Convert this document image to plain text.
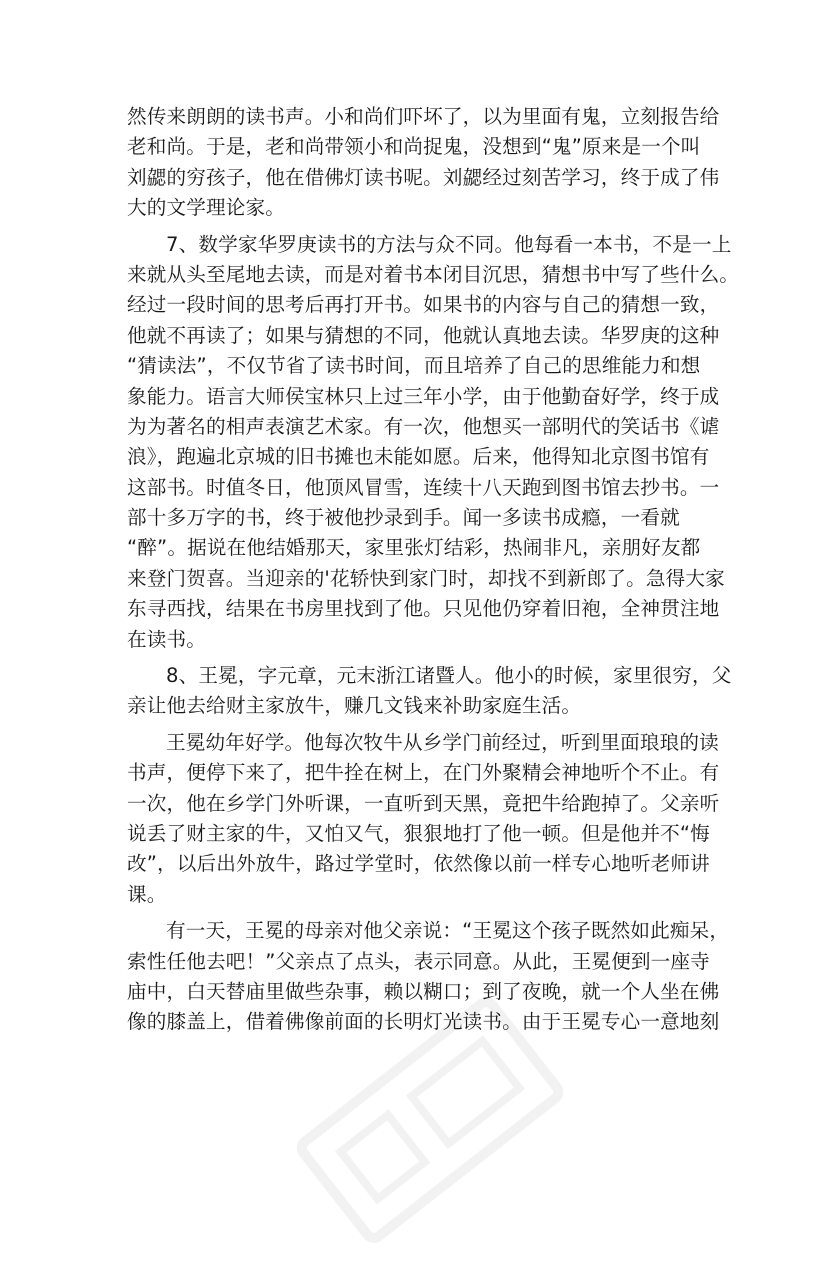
然传来朗朗的读书声。小和尚们吓坏了，以为里面有鬼，立刻报告给
老和尚。于是，老和尚带领小和尚捉鬼，没想到“鬼”原来是一个叫
刘勰的穷孩子，他在借佛灯读书呢。刘勰经过刻苦学习，终于成了伟
大的文学理论家。
7、数学家华罗庚读书的方法与众不同。他每看一本书，不是一上
来就从头至尾地去读，而是对着书本闭目沉思，猜想书中写了些什么。
经过一段时间的思考后再打开书。如果书的内容与自己的猜想一致，
他就不再读了；如果与猜想的不同，他就认真地去读。华罗庚的这种
“猜读法”，不仅节省了读书时间，而且培养了自己的思维能力和想
象能力。语言大师侯宝林只上过三年小学，由于他勤奋好学，终于成
为为著名的相声表演艺术家。有一次，他想买一部明代的笑话书《谑
浪》，跑遍北京城的旧书摊也未能如愿。后来，他得知北京图书馆有
这部书。时值冬日，他顶风冒雪，连续十八天跑到图书馆去抄书。一
部十多万字的书，终于被他抄录到手。闻一多读书成瘾，一看就
“醉”。据说在他结婚那天，家里张灯结彩，热闹非凡，亲朋好友都
来登门贺喜。当迎亲的'花轿快到家门时，却找不到新郎了。急得大家
东寻西找，结果在书房里找到了他。只见他仍穿着旧袍，全神贯注地
在读书。
8、王冕，字元章，元末浙江诸暨人。他小的时候，家里很穷，父
亲让他去给财主家放牛，赚几文钱来补助家庭生活。
王冕幼年好学。他每次牧牛从乡学门前经过，听到里面琅琅的读
书声，便停下来了，把牛拴在树上，在门外聚精会神地听个不止。有
一次，他在乡学门外听课，一直听到天黑，竟把牛给跑掉了。父亲听
说丢了财主家的牛，又怕又气，狠狠地打了他一顿。但是他并不“悔
改”，以后出外放牛，路过学堂时，依然像以前一样专心地听老师讲
课。
有一天，王冕的母亲对他父亲说：“王冕这个孩子既然如此痴呆，
索性任他去吧！”父亲点了点头，表示同意。从此，王冕便到一座寺
庙中，白天替庙里做些杂事，赖以糊口；到了夜晚，就一个人坐在佛
像的膝盖上，借着佛像前面的长明灯光读书。由于王冕专心一意地刻
